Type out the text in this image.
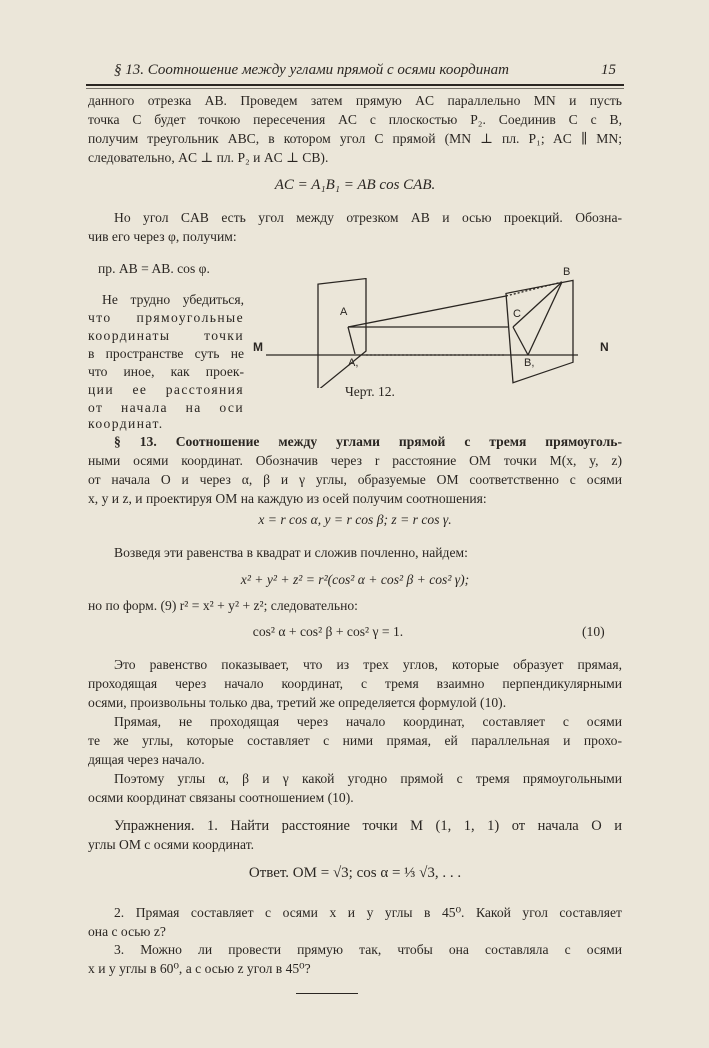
§ 13. Соотношение между углами прямой с осями координат	15
данного отрезка AB. Проведем затем прямую AC параллельно MN и пусть
точка C будет точкою пересечения AC с плоскостью P₂. Соединив C с B,
получим треугольник ABC, в котором угол C прямой (MN ⊥ пл. P₁; AC ∥ MN;
следовательно, AC ⊥ пл. P₂ и AC ⊥ CB).
AC = A₁B₁ = AB cos CAB.
Но угол CAB есть угол между отрезком AB и осью проекций. Обозна-
чив его через φ, получим:
пр. AB = AB. cos φ.
Не трудно убедиться,
что прямоугольные
координаты точки
в пространстве суть не
что иное, как проек-
ции ее расстояния
от начала на оси
координат.
M	N
A
A,
B
B,
C
Черт. 12.
§ 13. Соотношение между углами прямой с тремя прямоуголь-
ными осями координат. Обозначив через r расстояние OM точки M(x, y, z)
от начала O и через α, β и γ углы, образуемые OM соответственно с осями
x, y и z, и проектируя OM на каждую из осей получим соотношения:
x = r cos α, y = r cos β; z = r cos γ.
Возведя эти равенства в квадрат и сложив почленно, найдем:
x² + y² + z² = r²(cos² α + cos² β + cos² γ);
но по форм. (9) r² = x² + y² + z²; следовательно:
cos² α + cos² β + cos² γ = 1.	(10)
Это равенство показывает, что из трех углов, которые образует прямая,
проходящая через начало координат, с тремя взаимно перпендикулярными
осями, произвольны только два, третий же определяется формулой (10).
Прямая, не проходящая через начало координат, составляет с осями
те же углы, которые составляет с ними прямая, ей параллельная и прохо-
дящая через начало.
Поэтому углы α, β и γ какой угодно прямой с тремя прямоугольными
осями координат связаны соотношением (10).
Упражнения. 1. Найти расстояние точки M (1, 1, 1) от начала O и
углы OM с осями координат.
Ответ. OM = √3; cos α = ⅓ √3, . . .
2. Прямая составляет с осями x и y углы в 45⁰. Какой угол составляет
она с осью z?
3. Можно ли провести прямую так, чтобы она составляла с осями
x и y углы в 60⁰, а с осью z угол в 45⁰?
